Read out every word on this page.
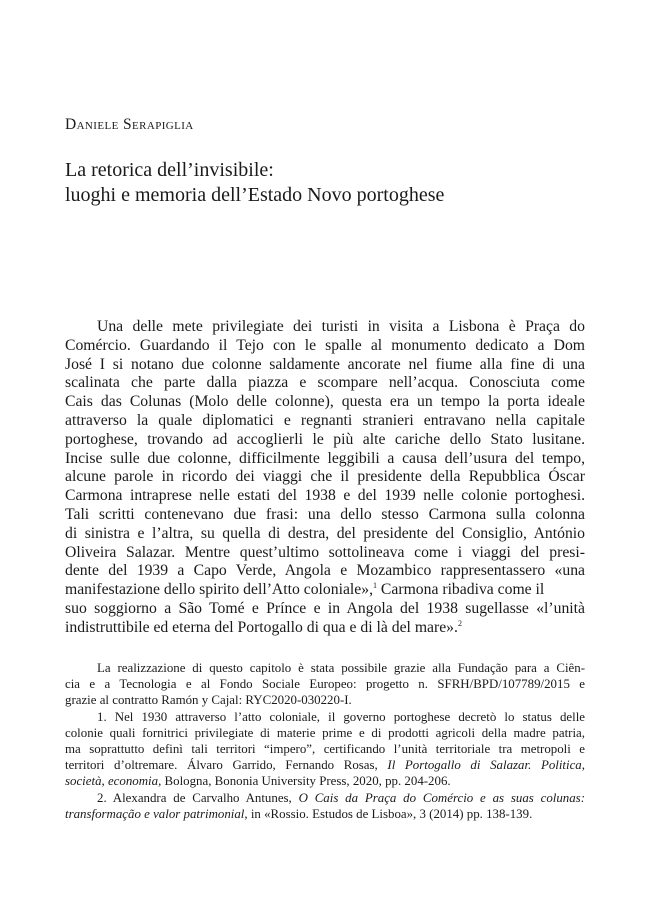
Daniele Serapiglia

La retorica dell’invisibile:
luoghi e memoria dell’Estado Novo portoghese
Una delle mete privilegiate dei turisti in visita a Lisbona è Praça do
Comércio. Guardando il Tejo con le spalle al monumento dedicato a Dom
José I si notano due colonne saldamente ancorate nel fiume alla fine di una
scalinata che parte dalla piazza e scompare nell’acqua. Conosciuta come
Cais das Colunas (Molo delle colonne), questa era un tempo la porta ideale
attraverso la quale diplomatici e regnanti stranieri entravano nella capitale
portoghese, trovando ad accoglierli le più alte cariche dello Stato lusitane.
Incise sulle due colonne, difficilmente leggibili a causa dell’usura del tempo,
alcune parole in ricordo dei viaggi che il presidente della Repubblica Óscar
Carmona intraprese nelle estati del 1938 e del 1939 nelle colonie portoghesi.
Tali scritti contenevano due frasi: una dello stesso Carmona sulla colonna
di sinistra e l’altra, su quella di destra, del presidente del Consiglio, António
Oliveira Salazar. Mentre quest’ultimo sottolineava come i viaggi del presi-
dente del 1939 a Capo Verde, Angola e Mozambico rappresentassero «una
manifestazione dello spirito dell’Atto coloniale»,$^1$ Carmona ribadiva come il
suo soggiorno a São Tomé e Prínce e in Angola del 1938 sugellasse «l’unità
indistruttibile ed eterna del Portogallo di qua e di là del mare».$^2$
La realizzazione di questo capitolo è stata possibile grazie alla Fundação para a Ciên-
cia e a Tecnologia e al Fondo Sociale Europeo: progetto n. SFRH/BPD/107789/2015 e
grazie al contratto Ramón y Cajal: RYC2020-030220-I.
1. Nel 1930 attraverso l’atto coloniale, il governo portoghese decretò lo status delle
colonie quali fornitrici privilegiate di materie prime e di prodotti agricoli della madre patria,
ma soprattutto definì tali territori “impero”, certificando l’unità territoriale tra metropoli e
territori d’oltremare. Álvaro Garrido, Fernando Rosas, Il Portogallo di Salazar. Politica,
società, economia, Bologna, Bononia University Press, 2020, pp. 204-206.
2. Alexandra de Carvalho Antunes, O Cais da Praça do Comércio e as suas colunas:
transformação e valor patrimonial, in «Rossio. Estudos de Lisboa», 3 (2014) pp. 138-139.
